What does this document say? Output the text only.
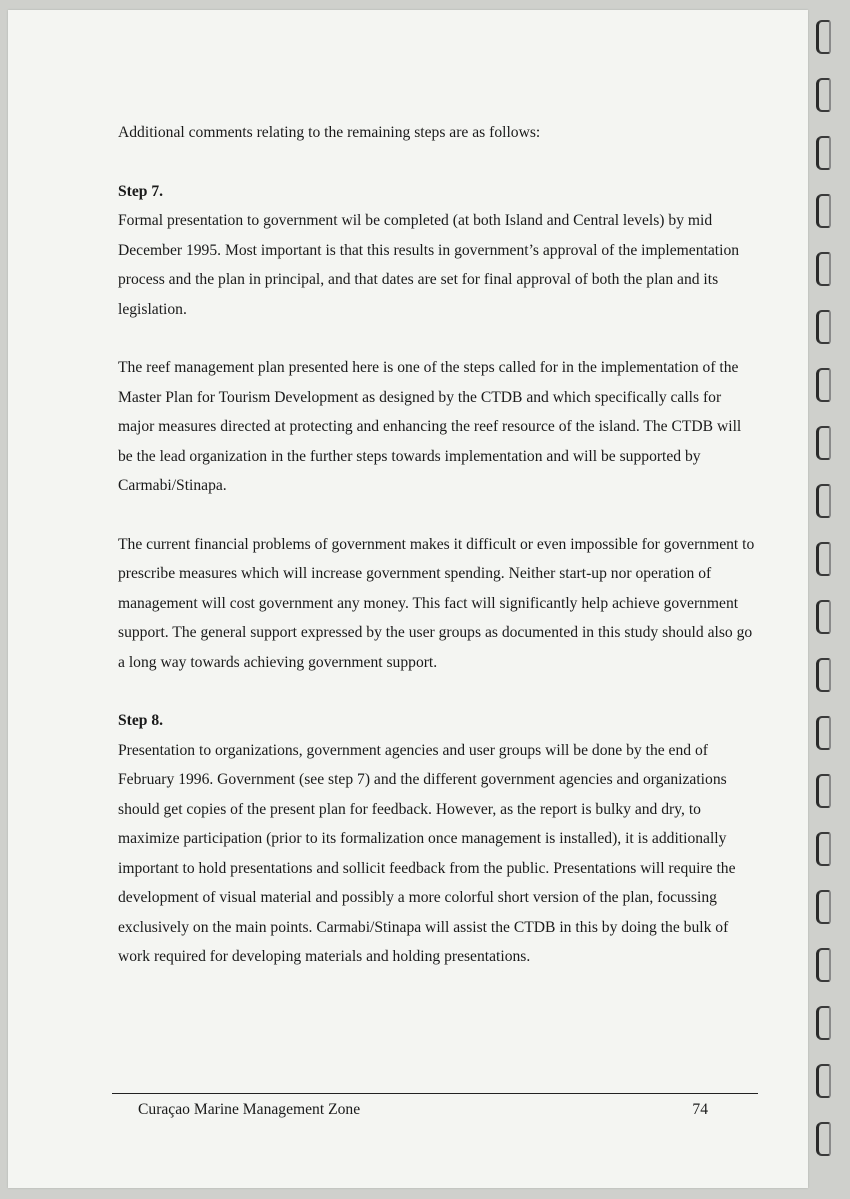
Additional comments relating to the remaining steps are as follows:

Step 7.

Formal presentation to government wil be completed (at both Island and Central levels) by mid December 1995. Most important is that this results in government’s approval of the implementation process and the plan in principal, and that dates are set for final approval of both the plan and its legislation.

The reef management plan presented here is one of the steps called for in the implementation of the Master Plan for Tourism Development as designed by the CTDB and which specifically calls for major measures directed at protecting and enhancing the reef resource of the island. The CTDB will be the lead organization in the further steps towards implementation and will be supported by Carmabi/Stinapa.

The current financial problems of government makes it difficult or even impossible for government to prescribe measures which will increase government spending. Neither start-up nor operation of management will cost government any money. This fact will significantly help achieve government support. The general support expressed by the user groups as documented in this study should also go a long way towards achieving government support.

Step 8.

Presentation to organizations, government agencies and user groups will be done by the end of February 1996. Government (see step 7) and the different government agencies and organizations should get copies of the present plan for feedback. However, as the report is bulky and dry, to maximize participation (prior to its formalization once management is installed), it is additionally important to hold presentations and sollicit feedback from the public. Presentations will require the development of visual material and possibly a more colorful short version of the plan, focussing exclusively on the main points. Carmabi/Stinapa will assist the CTDB in this by doing the bulk of work required for developing materials and holding presentations.

Curaçao Marine Management Zone	74
